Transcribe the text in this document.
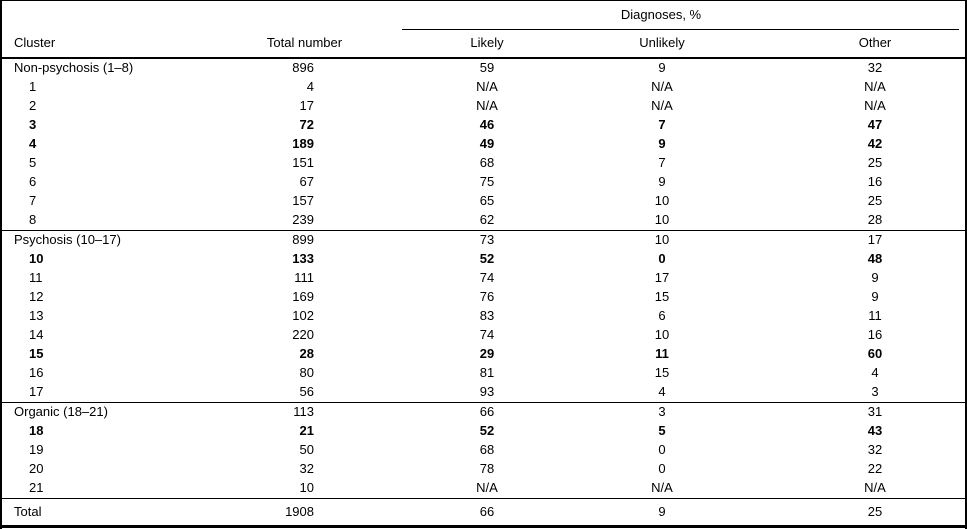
		Diagnoses, %		

Cluster	Total number	Likely	Unlikely	Other
Non-psychosis (1–8)	896	59	9	32
1	4	N/A	N/A	N/A
2	17	N/A	N/A	N/A
3	72	46	7	47
4	189	49	9	42
5	151	68	7	25
6	67	75	9	16
7	157	65	10	25
8	239	62	10	28
Psychosis (10–17)	899	73	10	17
10	133	52	0	48
11	111	74	17	9
12	169	76	15	9
13	102	83	6	11
14	220	74	10	16
15	28	29	11	60
16	80	81	15	4
17	56	93	4	3
Organic (18–21)	113	66	3	31
18	21	52	5	43
19	50	68	0	32
20	32	78	0	22
21	10	N/A	N/A	N/A
Total	1908	66	9	25
